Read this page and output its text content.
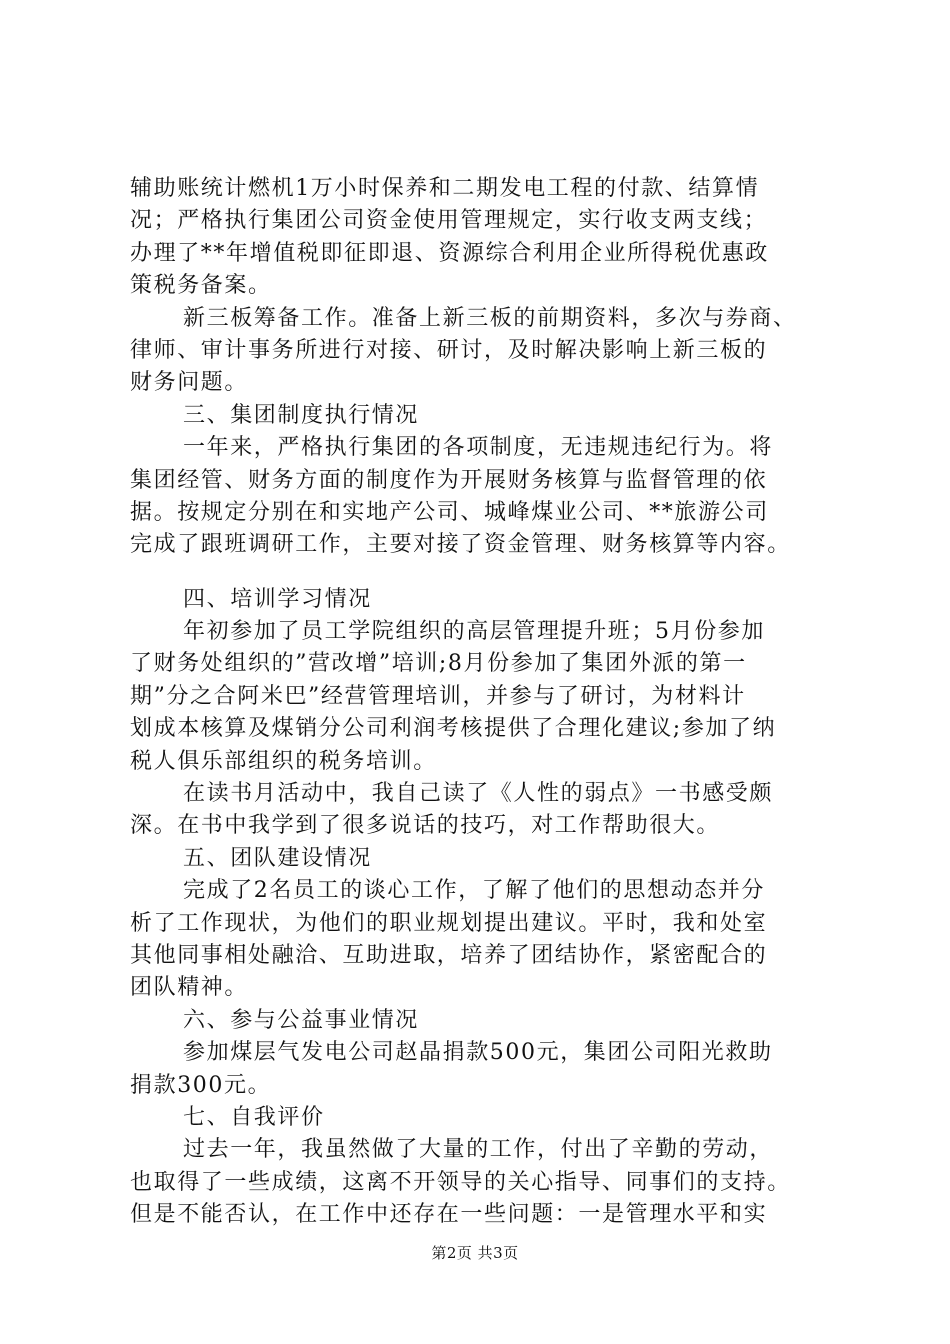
辅助账统计燃机1万小时保养和二期发电工程的付款、结算情
况；严格执行集团公司资金使用管理规定，实行收支两支线；
办理了**年增值税即征即退、资源综合利用企业所得税优惠政
策税务备案。
新三板筹备工作。准备上新三板的前期资料，多次与券商、
律师、审计事务所进行对接、研讨，及时解决影响上新三板的
财务问题。
三、集团制度执行情况
一年来，严格执行集团的各项制度，无违规违纪行为。将
集团经管、财务方面的制度作为开展财务核算与监督管理的依
据。按规定分别在和实地产公司、城峰煤业公司、**旅游公司
完成了跟班调研工作，主要对接了资金管理、财务核算等内容。
四、培训学习情况
年初参加了员工学院组织的高层管理提升班；5月份参加
了财务处组织的”营改增”培训;8月份参加了集团外派的第一
期”分之合阿米巴”经营管理培训，并参与了研讨，为材料计
划成本核算及煤销分公司利润考核提供了合理化建议;参加了纳
税人俱乐部组织的税务培训。
在读书月活动中，我自己读了《人性的弱点》一书感受颇
深。在书中我学到了很多说话的技巧，对工作帮助很大。
五、团队建设情况
完成了2名员工的谈心工作，了解了他们的思想动态并分
析了工作现状，为他们的职业规划提出建议。平时，我和处室
其他同事相处融洽、互助进取，培养了团结协作，紧密配合的
团队精神。
六、参与公益事业情况
参加煤层气发电公司赵晶捐款500元，集团公司阳光救助
捐款300元。
七、自我评价
过去一年，我虽然做了大量的工作，付出了辛勤的劳动，
也取得了一些成绩，这离不开领导的关心指导、同事们的支持。
但是不能否认，在工作中还存在一些问题：一是管理水平和实
第2页 共3页
